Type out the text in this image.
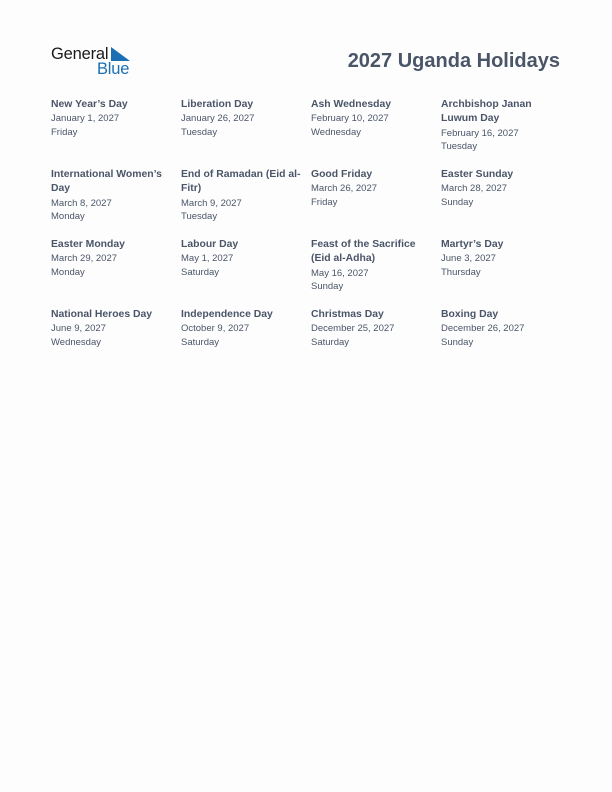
General
Blue	2027 Uganda Holidays
New Year’s Day
January 1, 2027
Friday
Liberation Day
January 26, 2027
Tuesday
Ash Wednesday
February 10, 2027
Wednesday
Archbishop Janan Luwum Day
February 16, 2027
Tuesday
International Women’s Day
March 8, 2027
Monday
End of Ramadan (Eid al-Fitr)
March 9, 2027
Tuesday
Good Friday
March 26, 2027
Friday
Easter Sunday
March 28, 2027
Sunday
Easter Monday
March 29, 2027
Monday
Labour Day
May 1, 2027
Saturday
Feast of the Sacrifice (Eid al-Adha)
May 16, 2027
Sunday
Martyr’s Day
June 3, 2027
Thursday
National Heroes Day
June 9, 2027
Wednesday
Independence Day
October 9, 2027
Saturday
Christmas Day
December 25, 2027
Saturday
Boxing Day
December 26, 2027
Sunday
